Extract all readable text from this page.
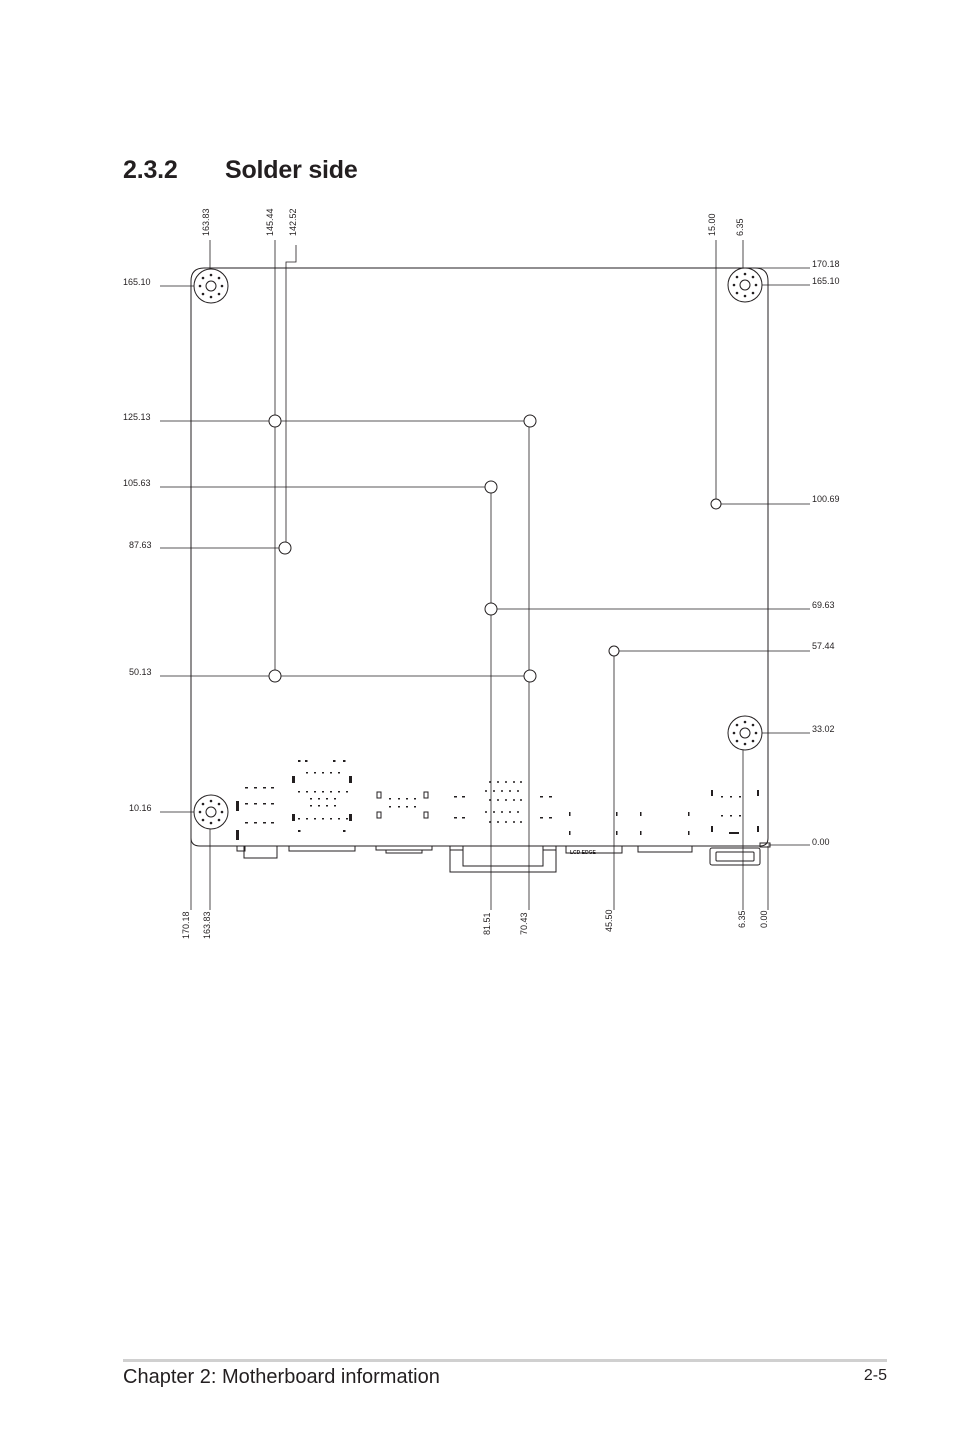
2.3.2 Solder side
LCD EDGE
163.83	145.44 142.52	15.00 6.35
170.18 163.83	81.51	70.43	45.50	6.35 0.00
165.10
125.13
105.63
87.63
50.13
10.16
170.18
165.10
100.69
69.63
57.44
33.02
0.00
Chapter 2: Motherboard information	2-5
